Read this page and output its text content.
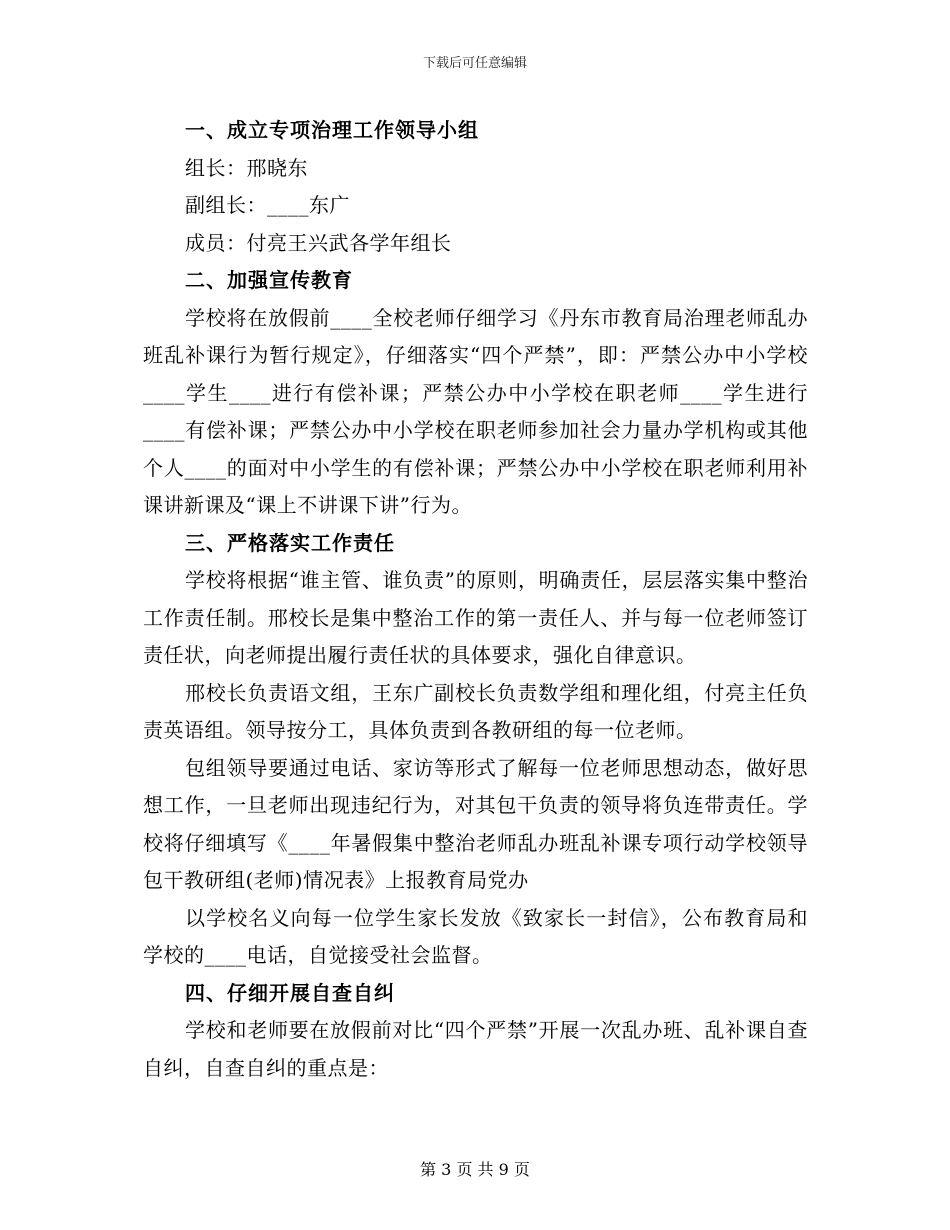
下载后可任意编辑

一、成立专项治理工作领导小组

组长：邢晓东

副组长：____东广

成员：付亮王兴武各学年组长

二、加强宣传教育

学校将在放假前____全校老师仔细学习《丹东市教育局治理老师乱办班乱补课行为暂行规定》，仔细落实“四个严禁”，即：严禁公办中小学校____学生____进行有偿补课；严禁公办中小学校在职老师____学生进行____有偿补课；严禁公办中小学校在职老师参加社会力量办学机构或其他个人____的面对中小学生的有偿补课；严禁公办中小学校在职老师利用补课讲新课及“课上不讲课下讲”行为。

三、严格落实工作责任

学校将根据“谁主管、谁负责”的原则，明确责任，层层落实集中整治工作责任制。邢校长是集中整治工作的第一责任人、并与每一位老师签订责任状，向老师提出履行责任状的具体要求，强化自律意识。

邢校长负责语文组，王东广副校长负责数学组和理化组，付亮主任负责英语组。领导按分工，具体负责到各教研组的每一位老师。

包组领导要通过电话、家访等形式了解每一位老师思想动态，做好思想工作，一旦老师出现违纪行为，对其包干负责的领导将负连带责任。学校将仔细填写《____年暑假集中整治老师乱办班乱补课专项行动学校领导包干教研组(老师)情况表》上报教育局党办

以学校名义向每一位学生家长发放《致家长一封信》，公布教育局和学校的____电话，自觉接受社会监督。

四、仔细开展自查自纠

学校和老师要在放假前对比“四个严禁”开展一次乱办班、乱补课自查自纠，自查自纠的重点是：

第 3 页 共 9 页
